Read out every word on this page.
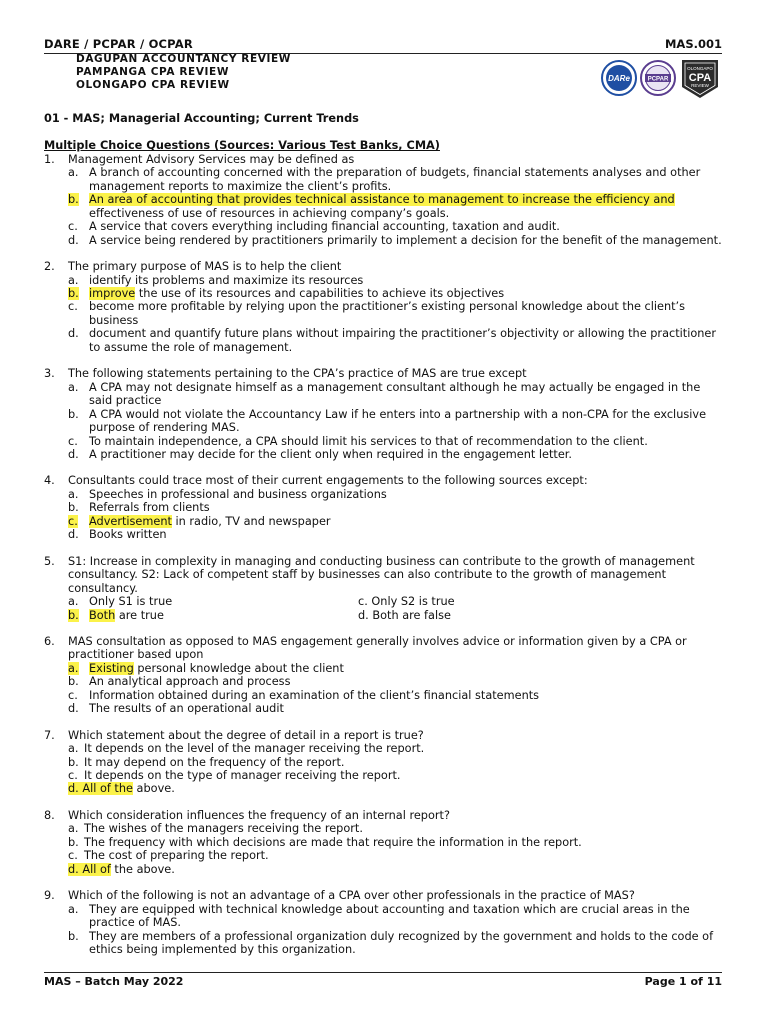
DARE / PCPAR / OCPAR	MAS.001
DAGUPAN ACCOUNTANCY REVIEW
PAMPANGA CPA REVIEW
OLONGAPO CPA REVIEW
DARe	PCPAR
OLONGAPO
CPA
REVIEW
01 - MAS; Managerial Accounting; Current Trends
Multiple Choice Questions (Sources: Various Test Banks, CMA)
1.	Management Advisory Services may be defined as
a. A branch of accounting concerned with the preparation of budgets, financial statements analyses and other management reports to maximize the client’s profits.
b. An area of accounting that provides technical assistance to management to increase the efficiency and effectiveness of use of resources in achieving company’s goals.
c. A service that covers everything including financial accounting, taxation and audit.
d. A service being rendered by practitioners primarily to implement a decision for the benefit of the management.
2.	The primary purpose of MAS is to help the client
a. identify its problems and maximize its resources
b. improve the use of its resources and capabilities to achieve its objectives
c. become more profitable by relying upon the practitioner’s existing personal knowledge about the client’s business
d. document and quantify future plans without impairing the practitioner’s objectivity or allowing the practitioner to assume the role of management.
3.	The following statements pertaining to the CPA’s practice of MAS are true except
a. A CPA may not designate himself as a management consultant although he may actually be engaged in the said practice
b. A CPA would not violate the Accountancy Law if he enters into a partnership with a non-CPA for the exclusive purpose of rendering MAS.
c. To maintain independence, a CPA should limit his services to that of recommendation to the client.
d. A practitioner may decide for the client only when required in the engagement letter.
4.	Consultants could trace most of their current engagements to the following sources except:
a. Speeches in professional and business organizations
b. Referrals from clients
c. Advertisement in radio, TV and newspaper
d. Books written
5.	S1: Increase in complexity in managing and conducting business can contribute to the growth of management consultancy. S2: Lack of competent staff by businesses can also contribute to the growth of management consultancy.
a. Only S1 is true	c. Only S2 is true
b. Both are true	d. Both are false
6.	MAS consultation as opposed to MAS engagement generally involves advice or information given by a CPA or practitioner based upon
a. Existing personal knowledge about the client
b. An analytical approach and process
c. Information obtained during an examination of the client’s financial statements
d. The results of an operational audit
7.	Which statement about the degree of detail in a report is true?
a. It depends on the level of the manager receiving the report.
b. It may depend on the frequency of the report.
c. It depends on the type of manager receiving the report.
d. All of the above.
8.	Which consideration influences the frequency of an internal report?
a. The wishes of the managers receiving the report.
b. The frequency with which decisions are made that require the information in the report.
c. The cost of preparing the report.
d. All of the above.
9.	Which of the following is not an advantage of a CPA over other professionals in the practice of MAS?
a. They are equipped with technical knowledge about accounting and taxation which are crucial areas in the practice of MAS.
b. They are members of a professional organization duly recognized by the government and holds to the code of ethics being implemented by this organization.
MAS – Batch May 2022	Page 1 of 11
